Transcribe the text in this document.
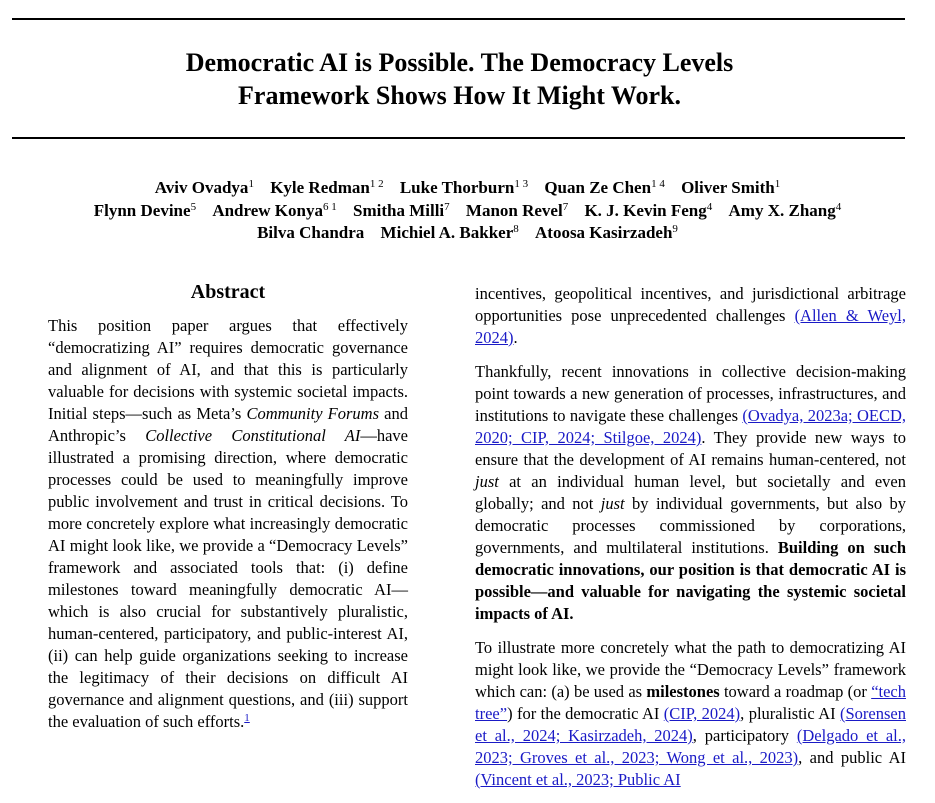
Democratic AI is Possible. The Democracy Levels
Framework Shows How It Might Work.
Aviv Ovadya$^1$ Kyle Redman$^{1 2}$ Luke Thorburn$^{1 3}$ Quan Ze Chen$^{1 4}$ Oliver Smith$^1$
Flynn Devine$^5$ Andrew Konya$^{6 1}$ Smitha Milli$^7$ Manon Revel$^7$ K. J. Kevin Feng$^4$ Amy X. Zhang$^4$
Bilva Chandra Michiel A. Bakker$^8$ Atoosa Kasirzadeh$^9$
Abstract

This position paper argues that effectively “democratizing AI” requires democratic governance and alignment of AI, and that this is particularly valuable for decisions with systemic societal impacts. Initial steps—such as Meta’s Community Forums and Anthropic’s Collective Constitutional AI—have illustrated a promising direction, where democratic processes could be used to meaningfully improve public involvement and trust in critical decisions. To more concretely explore what increasingly democratic AI might look like, we provide a “Democracy Levels” framework and associated tools that: (i) define milestones toward meaningfully democratic AI—which is also crucial for substantively pluralistic, human-centered, participatory, and public-interest AI, (ii) can help guide organizations seeking to increase the legitimacy of their decisions on difficult AI governance and alignment questions, and (iii) support the evaluation of such efforts.$^1$

incentives, geopolitical incentives, and jurisdictional arbitrage opportunities pose unprecedented challenges (Allen & Weyl, 2024).

Thankfully, recent innovations in collective decision-making point towards a new generation of processes, infrastructures, and institutions to navigate these challenges (Ovadya, 2023a; OECD, 2020; CIP, 2024; Stilgoe, 2024). They provide new ways to ensure that the development of AI remains human-centered, not just at an individual human level, but societally and even globally; and not just by individual governments, but also by democratic processes commissioned by corporations, governments, and multilateral institutions. Building on such democratic innovations, our position is that democratic AI is possible—and valuable for navigating the systemic societal impacts of AI.

To illustrate more concretely what the path to democratizing AI might look like, we provide the “Democracy Levels” framework which can: (a) be used as milestones toward a roadmap (or “tech tree”) for the democratic AI (CIP, 2024), pluralistic AI (Sorensen et al., 2024; Kasirzadeh, 2024), participatory (Delgado et al., 2023; Groves et al., 2023; Wong et al., 2023), and public AI (Vincent et al., 2023; Public AI
